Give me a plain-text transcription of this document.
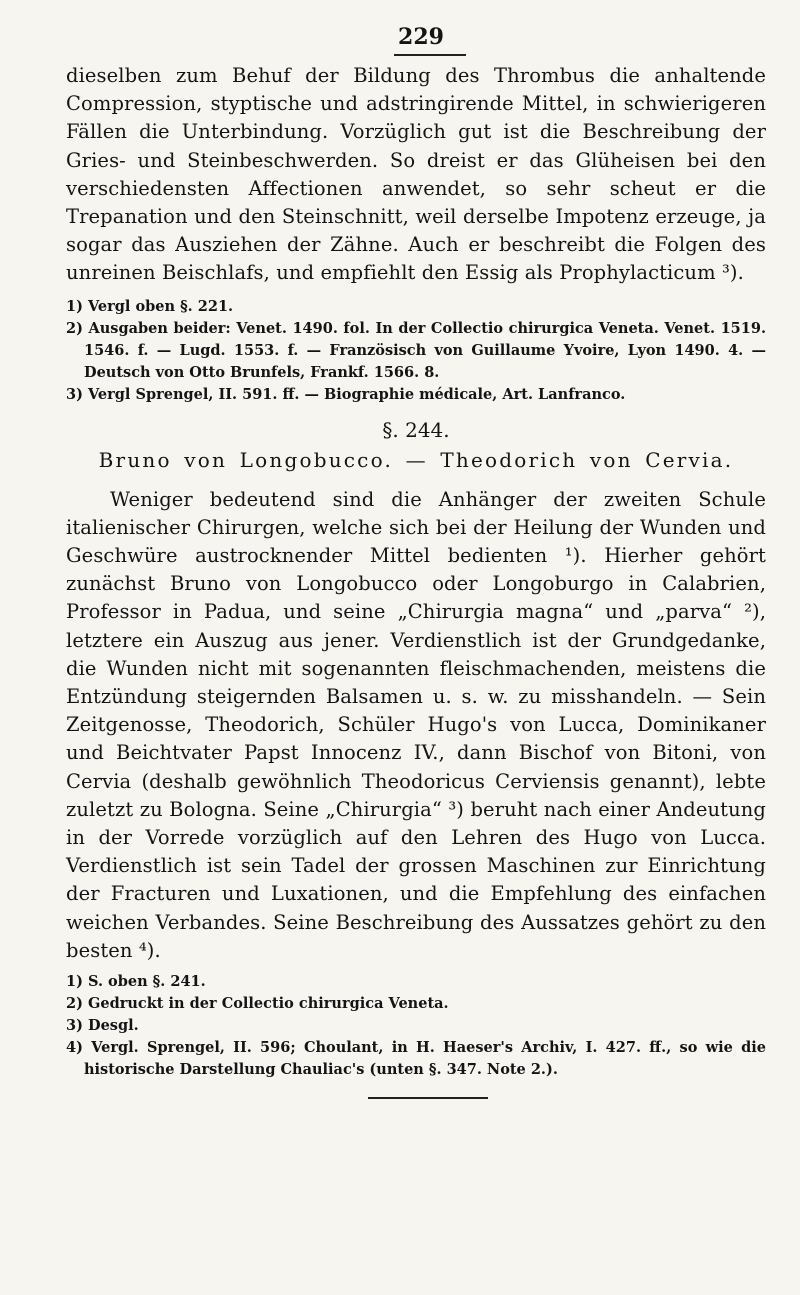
229

dieselben zum Behuf der Bildung des Thrombus die anhaltende Compression, styptische und adstringirende Mittel, in schwierigeren Fällen die Unterbindung. Vorzüglich gut ist die Beschreibung der Gries- und Steinbeschwerden. So dreist er das Glüheisen bei den verschiedensten Affectionen anwendet, so sehr scheut er die Trepanation und den Steinschnitt, weil derselbe Impotenz erzeuge, ja sogar das Ausziehen der Zähne. Auch er beschreibt die Folgen des unreinen Beischlafs, und empfiehlt den Essig als Prophylacticum ³).

1) Vergl oben §. 221.
2) Ausgaben beider: Venet. 1490. fol. In der Collectio chirurgica Veneta. Venet. 1519. 1546. f. — Lugd. 1553. f. — Französisch von Guillaume Yvoire, Lyon 1490. 4. — Deutsch von Otto Brunfels, Frankf. 1566. 8.
3) Vergl Sprengel, II. 591. ff. — Biographie médicale, Art. Lanfranco.
§. 244.
Bruno von Longobucco. — Theodorich von Cervia.

Weniger bedeutend sind die Anhänger der zweiten Schule italienischer Chirurgen, welche sich bei der Heilung der Wunden und Geschwüre austrocknender Mittel bedienten ¹). Hierher gehört zunächst Bruno von Longobucco oder Longoburgo in Calabrien, Professor in Padua, und seine „Chirurgia magna“ und „parva“ ²), letztere ein Auszug aus jener. Verdienstlich ist der Grundgedanke, die Wunden nicht mit sogenannten fleischmachenden, meistens die Entzündung steigernden Balsamen u. s. w. zu misshandeln. — Sein Zeitgenosse, Theodorich, Schüler Hugo's von Lucca, Dominikaner und Beichtvater Papst Innocenz IV., dann Bischof von Bitoni, von Cervia (deshalb gewöhnlich Theodoricus Cerviensis genannt), lebte zuletzt zu Bologna. Seine „Chirurgia“ ³) beruht nach einer Andeutung in der Vorrede vorzüglich auf den Lehren des Hugo von Lucca. Verdienstlich ist sein Tadel der grossen Maschinen zur Einrichtung der Fracturen und Luxationen, und die Empfehlung des einfachen weichen Verbandes. Seine Beschreibung des Aussatzes gehört zu den besten ⁴).

1) S. oben §. 241.
2) Gedruckt in der Collectio chirurgica Veneta.
3) Desgl.
4) Vergl. Sprengel, II. 596; Choulant, in H. Haeser's Archiv, I. 427. ff., so wie die historische Darstellung Chauliac's (unten §. 347. Note 2.).
